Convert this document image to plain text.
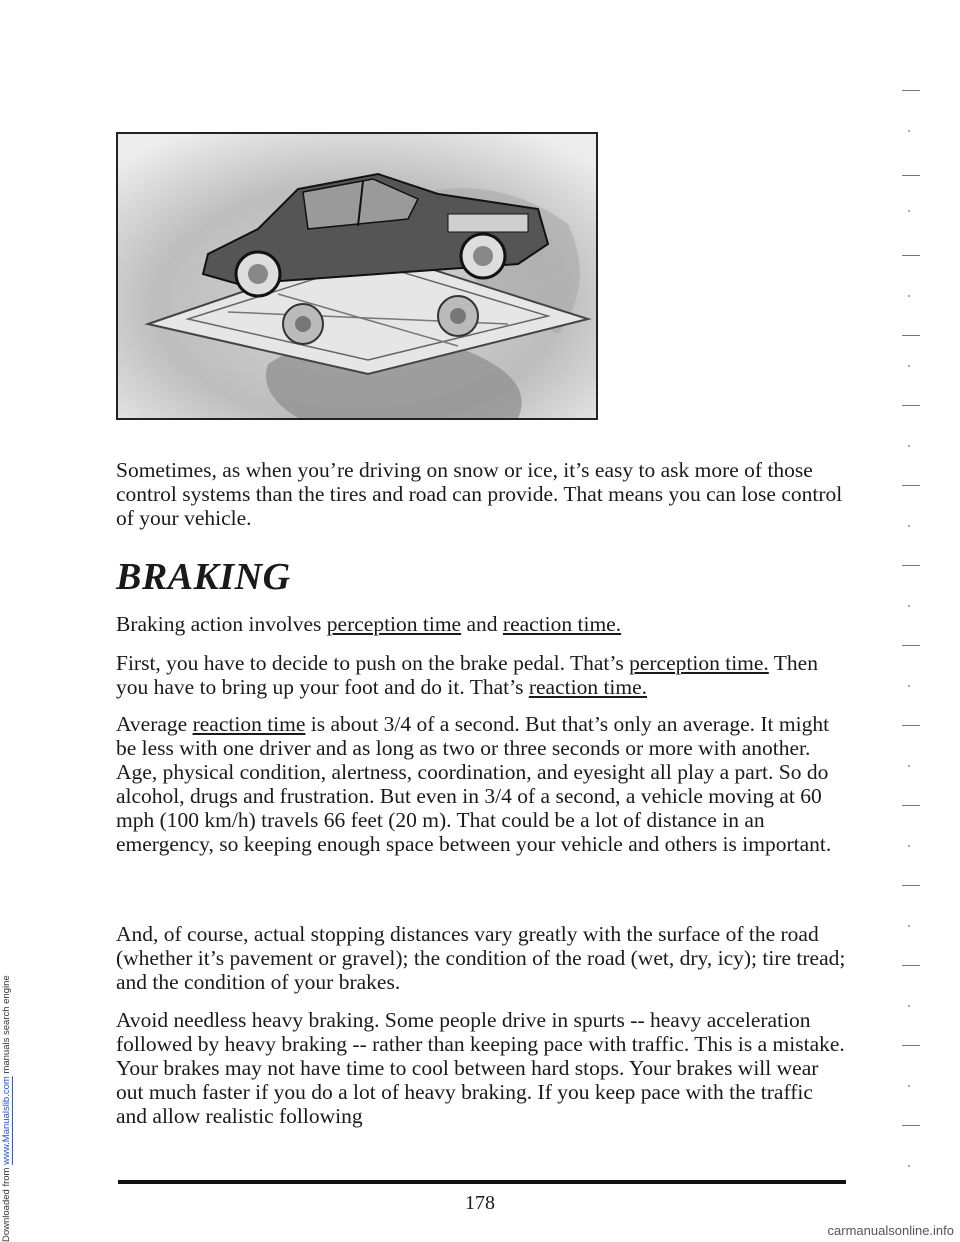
Downloaded from www.Manualslib.com manuals search engine

Sometimes, as when you’re driving on snow or ice, it’s easy to ask more of those control systems than the tires and road can provide. That means you can lose control of your vehicle.

BRAKING

Braking action involves perception time and reaction time.

First, you have to decide to push on the brake pedal. That’s perception time. Then you have to bring up your foot and do it. That’s reaction time.

Average reaction time is about 3/4 of a second. But that’s only an average. It might be less with one driver and as long as two or three seconds or more with another. Age, physical condition, alertness, coordination, and eyesight all play a part. So do alcohol, drugs and frustration. But even in 3/4 of a second, a vehicle moving at 60 mph (100 km/h) travels 66 feet (20 m). That could be a lot of distance in an emergency, so keeping enough space between your vehicle and others is important.

And, of course, actual stopping distances vary greatly with the surface of the road (whether it’s pavement or gravel); the condition of the road (wet, dry, icy); tire tread; and the condition of your brakes.

Avoid needless heavy braking. Some people drive in spurts -- heavy acceleration followed by heavy braking -- rather than keeping pace with traffic. This is a mistake. Your brakes may not have time to cool between hard stops. Your brakes will wear out much faster if you do a lot of heavy braking. If you keep pace with the traffic and allow realistic following

178
carmanualsonline.info
